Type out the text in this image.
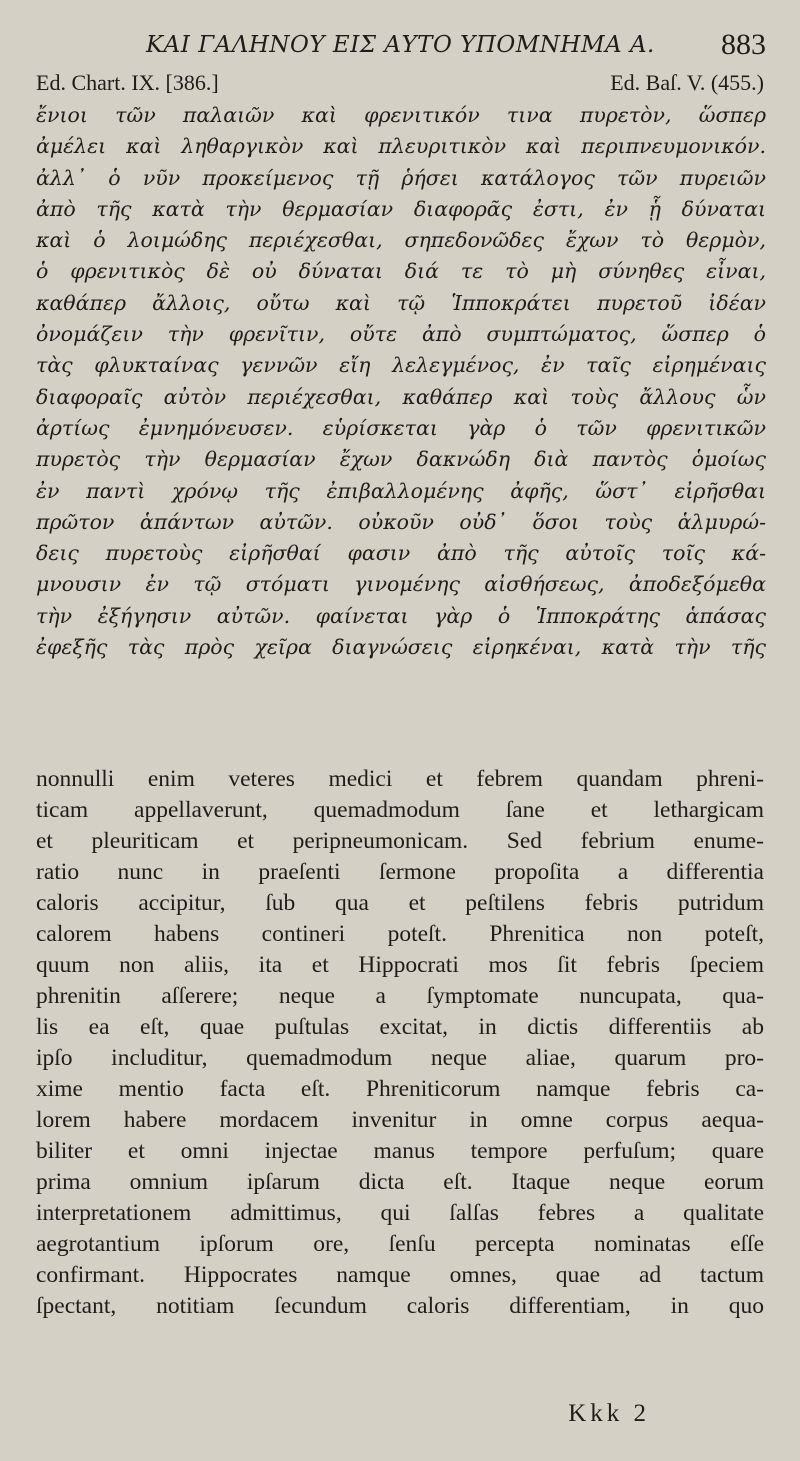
ΚΑΙ ΓΑΛΗΝΟΥ ΕΙΣ ΑΥΤΟ ΥΠΟΜΝΗΜΑ Α. 883
Ed. Chart. IX. [386.]	Ed. Baſ. V. (455.)
ἔνιοι τῶν παλαιῶν καὶ φρενιτικόν τινα πυρετὸν, ὥσπερ
ἀμέλει καὶ ληθαργικὸν καὶ πλευριτικὸν καὶ περιπνευμονικόν.
ἀλλ᾽ ὁ νῦν προκείμενος τῇ ῥήσει κατάλογος τῶν πυρειῶν
ἀπὸ τῆς κατὰ τὴν θερμασίαν διαφορᾶς ἐστι, ἐν ᾗ δύναται
καὶ ὁ λοιμώδης περιέχεσθαι, σηπεδονῶδες ἔχων τὸ θερμὸν,
ὁ φρενιτικὸς δὲ οὐ δύναται διά τε τὸ μὴ σύνηθες εἶναι,
καθάπερ ἄλλοις, οὔτω καὶ τῷ Ἱπποκράτει πυρετοῦ ἰδέαν
ὀνομάζειν τὴν φρενῖτιν, οὔτε ἀπὸ συμπτώματος, ὥσπερ ὁ
τὰς φλυκταίνας γεννῶν εἴη λελεγμένος, ἐν ταῖς εἰρημέναις
διαφοραῖς αὐτὸν περιέχεσθαι, καθάπερ καὶ τοὺς ἄλλους ὧν
ἀρτίως ἐμνημόνευσεν. εὑρίσκεται γὰρ ὁ τῶν φρενιτικῶν
πυρετὸς τὴν θερμασίαν ἔχων δακνώδη διὰ παντὸς ὁμοίως
ἐν παντὶ χρόνῳ τῆς ἐπιβαλλομένης ἀφῆς, ὥστ᾽ εἰρῆσθαι
πρῶτον ἁπάντων αὐτῶν. οὐκοῦν οὐδ᾽ ὅσοι τοὺς ἁλμυρώ-
δεις πυρετοὺς εἰρῆσθαί φασιν ἀπὸ τῆς αὐτοῖς τοῖς κά-
μνουσιν ἐν τῷ στόματι γινομένης αἰσθήσεως, ἀποδεξόμεθα
τὴν ἐξήγησιν αὐτῶν. φαίνεται γὰρ ὁ Ἱπποκράτης ἁπάσας
ἐφεξῆς τὰς πρὸς χεῖρα διαγνώσεις εἰρηκέναι, κατὰ τὴν τῆς
nonnulli enim veteres medici et febrem quandam phreni-
ticam appellaverunt, quemadmodum ſane et lethargicam
et pleuriticam et peripneumonicam. Sed febrium enume-
ratio nunc in praeſenti ſermone propoſita a differentia
caloris accipitur, ſub qua et peſtilens febris putridum
calorem habens contineri poteſt. Phrenitica non poteſt,
quum non aliis, ita et Hippocrati mos ſit febris ſpeciem
phrenitin aſſerere; neque a ſymptomate nuncupata, qua-
lis ea eſt, quae puſtulas excitat, in dictis differentiis ab
ipſo includitur, quemadmodum neque aliae, quarum pro-
xime mentio facta eſt. Phreniticorum namque febris ca-
lorem habere mordacem invenitur in omne corpus aequa-
biliter et omni injectae manus tempore perfuſum; quare
prima omnium ipſarum dicta eſt. Itaque neque eorum
interpretationem admittimus, qui ſalſas febres a qualitate
aegrotantium ipſorum ore, ſenſu percepta nominatas eſſe
confirmant. Hippocrates namque omnes, quae ad tactum
ſpectant, notitiam ſecundum caloris differentiam, in quo
Kkk 2
